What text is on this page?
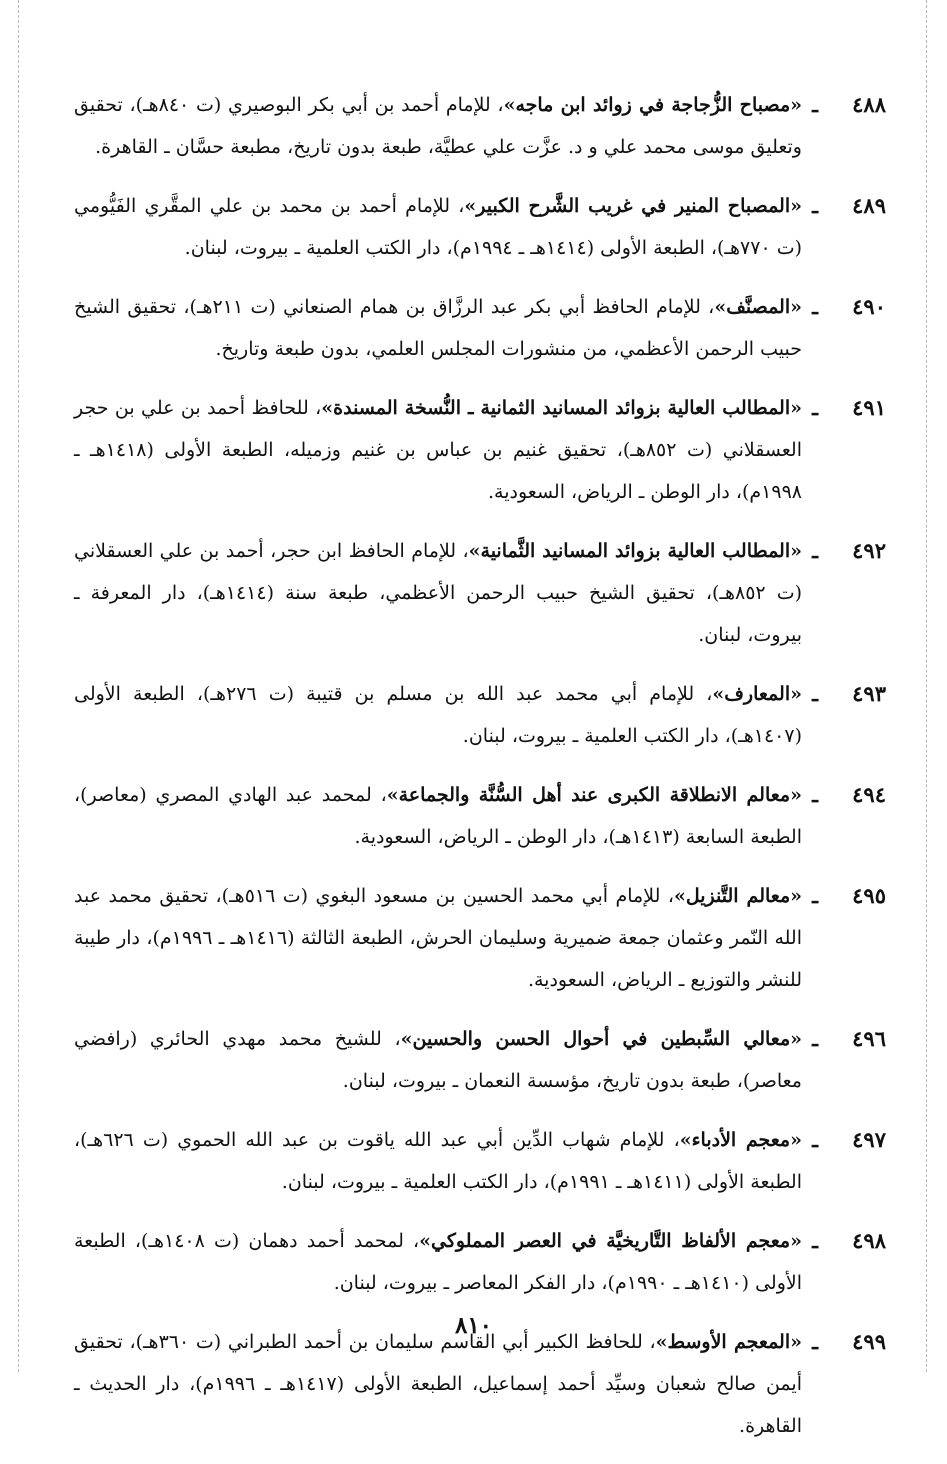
٤٨٨
ـ

«مصباح الزُّجاجة في زوائد ابن ماجه»، للإمام أحمد بن أبي بكر البوصيري (ت ٨٤٠هـ)، تحقيق وتعليق موسى محمد علي و د. عزَّت علي عطيَّة، طبعة بدون تاريخ، مطبعة حسَّان ـ القاهرة.

٤٨٩
ـ

«المصباح المنير في غريب الشَّرح الكبير»، للإمام أحمد بن محمد بن علي المقَّري الفَيُّومي (ت ٧٧٠هـ)، الطبعة الأولى (١٤١٤هـ ـ ١٩٩٤م)، دار الكتب العلمية ـ بيروت، لبنان.

٤٩٠
ـ

«المصنَّف»، للإمام الحافظ أبي بكر عبد الرزَّاق بن همام الصنعاني (ت ٢١١هـ)، تحقيق الشيخ حبيب الرحمن الأعظمي، من منشورات المجلس العلمي، بدون طبعة وتاريخ.

٤٩١
ـ

«المطالب العالية بزوائد المسانيد الثمانية ـ النُّسخة المسندة»، للحافظ أحمد بن علي بن حجر العسقلاني (ت ٨٥٢هـ)، تحقيق غنيم بن عباس بن غنيم وزميله، الطبعة الأولى (١٤١٨هـ ـ ١٩٩٨م)، دار الوطن ـ الرياض، السعودية.

٤٩٢
ـ

«المطالب العالية بزوائد المسانيد الثَّمانية»، للإمام الحافظ ابن حجر، أحمد بن علي العسقلاني (ت ٨٥٢هـ)، تحقيق الشيخ حبيب الرحمن الأعظمي، طبعة سنة (١٤١٤هـ)، دار المعرفة ـ بيروت، لبنان.

٤٩٣
ـ

«المعارف»، للإمام أبي محمد عبد الله بن مسلم بن قتيبة (ت ٢٧٦هـ)، الطبعة الأولى (١٤٠٧هـ)، دار الكتب العلمية ـ بيروت، لبنان.

٤٩٤
ـ

«معالم الانطلاقة الكبرى عند أهل السُّنَّة والجماعة»، لمحمد عبد الهادي المصري (معاصر)، الطبعة السابعة (١٤١٣هـ)، دار الوطن ـ الرياض، السعودية.

٤٩٥
ـ

«معالم التَّنزيل»، للإمام أبي محمد الحسين بن مسعود البغوي (ت ٥١٦هـ)، تحقيق محمد عبد الله النّمر وعثمان جمعة ضميرية وسليمان الحرش، الطبعة الثالثة (١٤١٦هـ ـ ١٩٩٦م)، دار طيبة للنشر والتوزيع ـ الرياض، السعودية.

٤٩٦
ـ

«معالي السِّبطين في أحوال الحسن والحسين»، للشيخ محمد مهدي الحائري (رافضي معاصر)، طبعة بدون تاريخ، مؤسسة النعمان ـ بيروت، لبنان.

٤٩٧
ـ

«معجم الأدباء»، للإمام شهاب الدِّين أبي عبد الله ياقوت بن عبد الله الحموي (ت ٦٢٦هـ)، الطبعة الأولى (١٤١١هـ ـ ١٩٩١م)، دار الكتب العلمية ـ بيروت، لبنان.

٤٩٨
ـ

«معجم الألفاظ التَّاريخيَّة في العصر المملوكي»، لمحمد أحمد دهمان (ت ١٤٠٨هـ)، الطبعة الأولى (١٤١٠هـ ـ ١٩٩٠م)، دار الفكر المعاصر ـ بيروت، لبنان.

٤٩٩
ـ

«المعجم الأوسط»، للحافظ الكبير أبي القاسم سليمان بن أحمد الطبراني (ت ٣٦٠هـ)، تحقيق أيمن صالح شعبان وسيِّد أحمد إسماعيل، الطبعة الأولى (١٤١٧هـ ـ ١٩٩٦م)، دار الحديث ـ القاهرة.

٨١٠
